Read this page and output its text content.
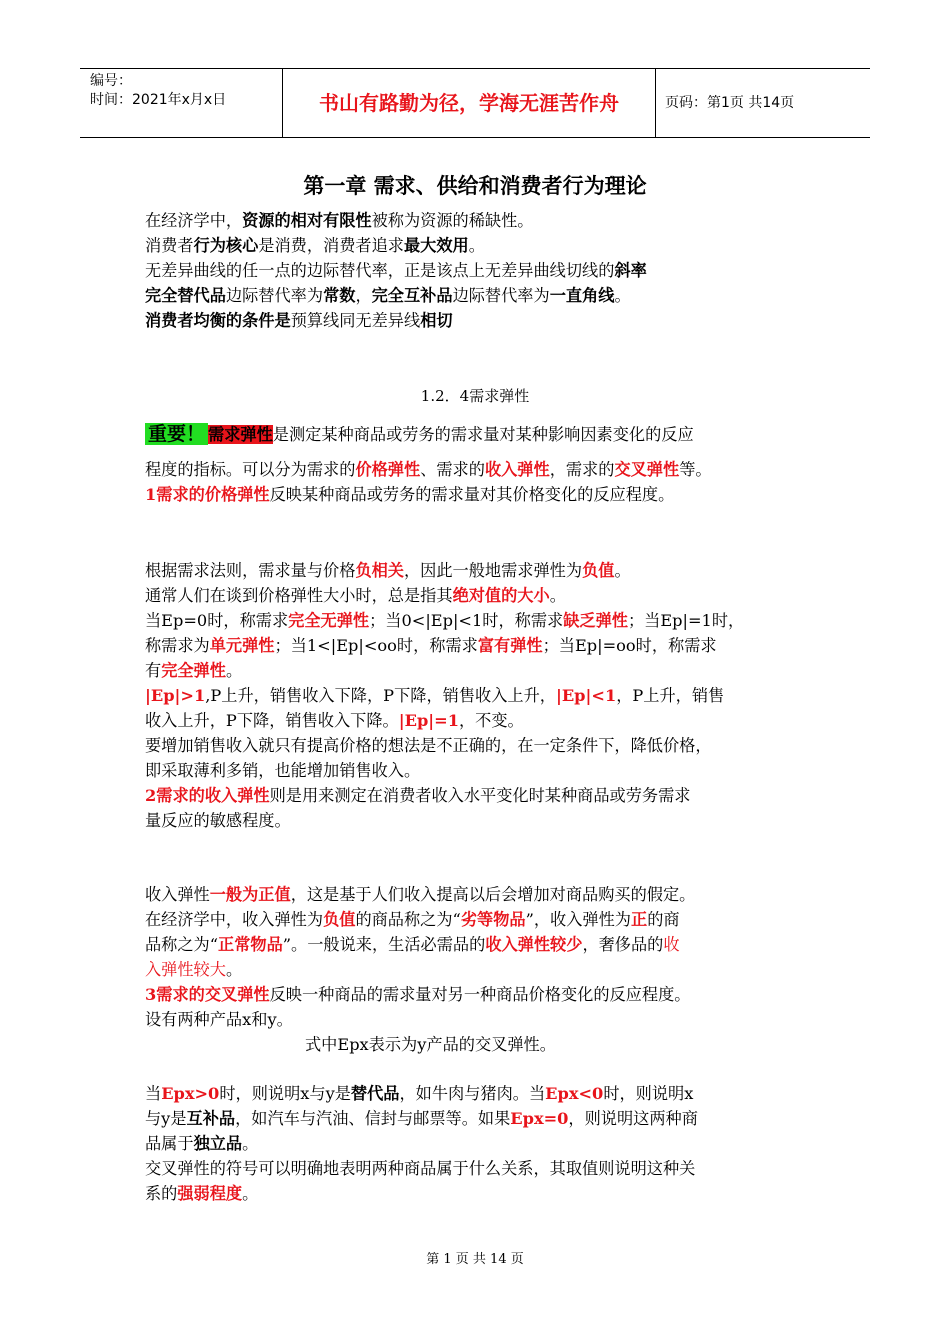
编号：
时间：2021年x月x日	书山有路勤为径，学海无涯苦作舟	页码：第1页 共14页
第一章 需求、供给和消费者行为理论
在经济学中，资源的相对有限性被称为资源的稀缺性。
消费者行为核心是消费，消费者追求最大效用。
无差异曲线的任一点的边际替代率，正是该点上无差异曲线切线的斜率
完全替代品边际替代率为常数，完全互补品边际替代率为一直角线。
消费者均衡的条件是预算线同无差异线相切
1.2．4需求弹性
重要！ 需求弹性是测定某种商品或劳务的需求量对某种影响因素变化的反应
程度的指标。可以分为需求的价格弹性、需求的收入弹性，需求的交叉弹性等。
1需求的价格弹性反映某种商品或劳务的需求量对其价格变化的反应程度。
根据需求法则，需求量与价格负相关，因此一般地需求弹性为负值。
通常人们在谈到价格弹性大小时，总是指其绝对值的大小。
当Ep=0时，称需求完全无弹性；当0<|Ep|<1时，称需求缺乏弹性；当Ep|=1时，
称需求为单元弹性；当1<|Ep|<oo时，称需求富有弹性；当Ep|=oo时，称需求
有完全弹性。
|Ep|>1,P上升，销售收入下降，P下降，销售收入上升，|Ep|<1，P上升，销售
收入上升，P下降，销售收入下降。|Ep|=1，不变。
要增加销售收入就只有提高价格的想法是不正确的，在一定条件下，降低价格，
即采取薄利多销，也能增加销售收入。
2需求的收入弹性则是用来测定在消费者收入水平变化时某种商品或劳务需求
量反应的敏感程度。
收入弹性一般为正值，这是基于人们收入提高以后会增加对商品购买的假定。
在经济学中，收入弹性为负值的商品称之为“劣等物品”，收入弹性为正的商
品称之为“正常物品”。一般说来，生活必需品的收入弹性较少，奢侈品的收
入弹性较大。
3需求的交叉弹性反映一种商品的需求量对另一种商品价格变化的反应程度。
设有两种产品x和y。
式中Epx表示为y产品的交叉弹性。
当Epx>0时，则说明x与y是替代品，如牛肉与猪肉。当Epx<0时，则说明x
与y是互补品，如汽车与汽油、信封与邮票等。如果Epx=0，则说明这两种商
品属于独立品。
交叉弹性的符号可以明确地表明两种商品属于什么关系，其取值则说明这种关
系的强弱程度。
第 1 页 共 14 页
